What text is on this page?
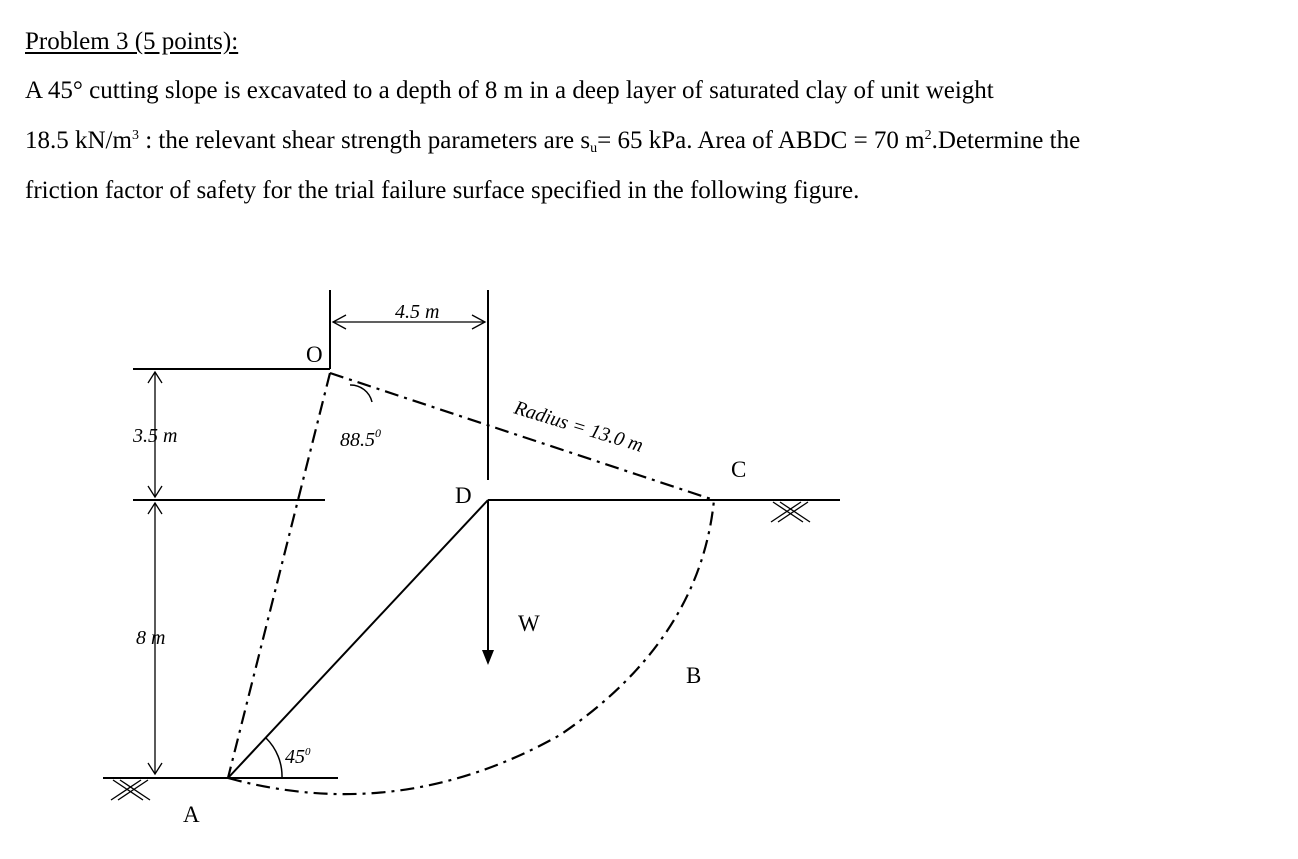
Problem 3 (5 points):
A 45° cutting slope is excavated to a depth of 8 m in a deep layer of saturated clay of unit weight
18.5 $kN/m^3$ : the relevant shear strength parameters are $s_u= 65$ kPa. Area of ABDC = 70 $m^2.Determine$ the
friction factor of safety for the trial failure surface specified in the following figure.
O
A
B
C
D
W
4.5 m
3.5 m
8 m
88.5$^0$
$45^0$
Radius = 13.0 m
